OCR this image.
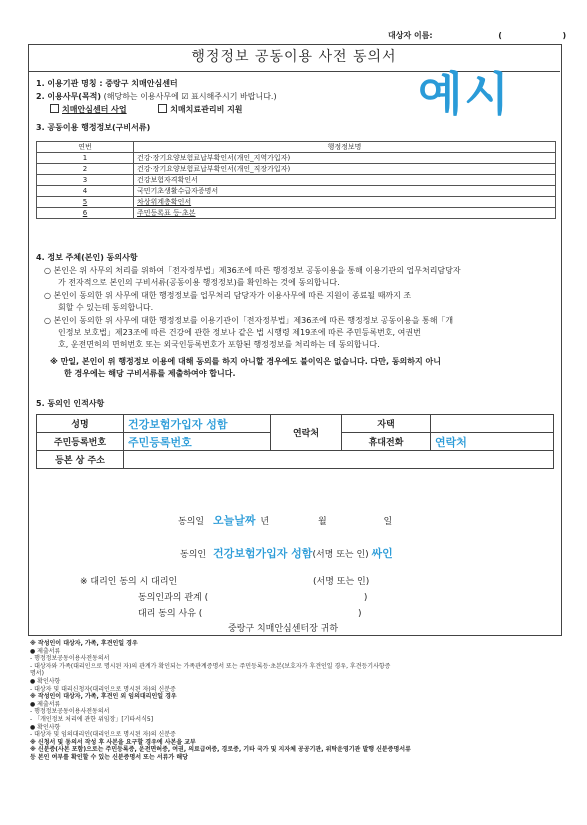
대상자 이름:	(	)
행정정보 공동이용 사전 동의서
예시
1. 이용기관 명칭 : 중랑구 치매안심센터
2. 이용사무(목적) (해당하는 이용사무에 ☑ 표시해주시기 바랍니다.)
치매안심센터 사업	치매치료관리비 지원
3. 공동이용 행정정보(구비서류)
연번	행정정보명
1	건강·장기요양보험료납부확인서(개인_지역가입자)
2	건강·장기요양보험료납부확인서(개인_직장가입자)
3	건강보험자격확인서
4	국민기초생활수급자증명서
5	차상위계층확인서
6	주민등록표 등·초본
4. 정보 주체(본인) 동의사항
○ 본인은 위 사무의 처리를 위하여「전자정부법」제36조에 따른 행정정보 공동이용을 통해 이용기관의 업무처리담당자
가 전자적으로 본인의 구비서류(공동이용 행정정보)를 확인하는 것에 동의합니다.
○ 본인이 동의한 위 사무에 대한 행정정보를 업무처리 담당자가 이용사무에 따른 지원이 종료될 때까지 조
회할 수 있는데 동의합니다.
○ 본인이 동의한 위 사무에 대한 행정정보를 이용기관이「전자정부법」제36조에 따른 행정정보 공동이용을 통해「개
인정보 보호법」제23조에 따른 건강에 관한 정보나 같은 법 시행령 제19조에 따른 주민등록번호, 여권번
호, 운전면허의 면허번호 또는 외국인등록번호가 포함된 행정정보를 처리하는 데 동의합니다.
※ 만일, 본인이 위 행정정보 이용에 대해 동의를 하지 아니할 경우에도 불이익은 없습니다. 다만, 동의하지 아니
한 경우에는 해당 구비서류를 제출하여야 합니다.
5. 동의인 인적사항
성명	건강보험가입자 성함	연락처	자택	
주민등록번호	주민등록번호		휴대전화	연락처
등본 상 주소				
동의일 오늘날짜 년	월	일
동의인 건강보험가입자 성함(서명 또는 인) 싸인
※ 대리인 동의 시 대리인	(서명 또는 인)
동의인과의 관계 (	)
대리 동의 사유 (	)
중랑구 치매안심센터장 귀하
※ 작성인이 대상자, 가족, 후견인일 경우
● 제출서류
- 행정정보공동이용사전동의서
- 대상자와 가족(대리인으로 명시된 자)의 관계가 확인되는 가족관계증명서 또는 주민등록등·초본(보호자가 후견인일 경우, 후견등기사항증
명서)
● 확인사항
- 대상자 및 대리신청자(대리인으로 명시된 자)의 신분증
※ 작성인이 대상자, 가족, 후견인 외 임의대리인일 경우
● 제출서류
- 행정정보공동이용사전동의서
- 「개인정보 처리에 관한 위임장」[기타서식5]
● 확인사항
- 대상자 및 임의대리인(대리인으로 명시된 자)의 신분증
※ 신청서 및 동의서 작성 후 사본을 요구할 경우에 사본을 교부
※ 신분증(사본 포함)으로는 주민등록증, 운전면허증, 여권, 의료급여증, 경로증, 기타 국가 및 지자체 공공기관, 위탁운영기관 발행 신분증명서류
등 본인 여부를 확인할 수 있는 신분증명서 또는 서류가 해당
